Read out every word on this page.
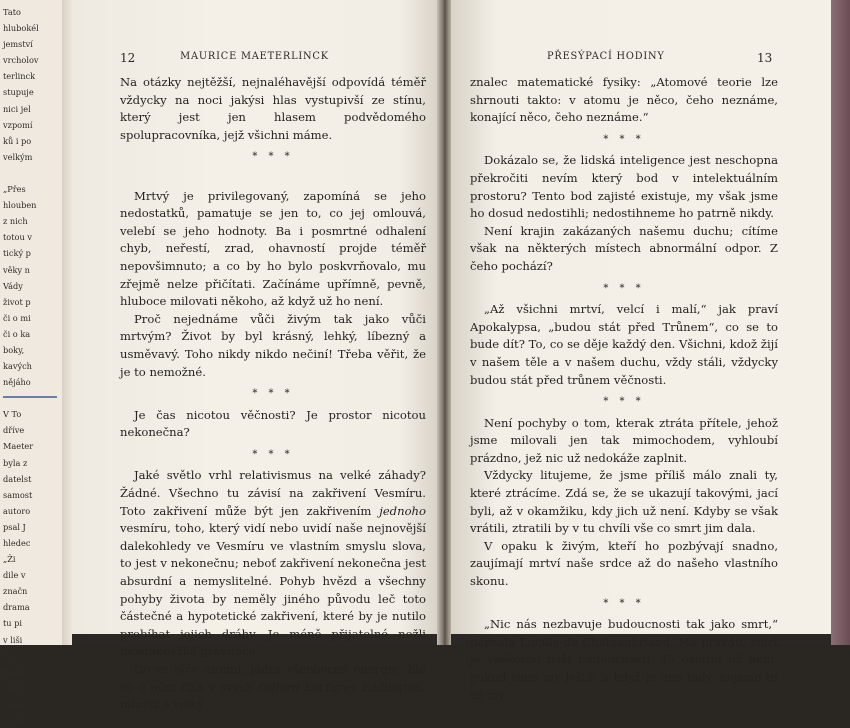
Tato
hlubokél
jemství
vrcholov
terlinck
stupuje
nici jel
vzpomí
ků i po
velkým

„Přes
hlouben
z nich
totou v
tický p
věky n
Vády
život p
či o mi
či o ka
boky,
kavých
nějáho
V To
dříve
Maeter
byla z
datelst
samost
autoro
psal J
hledec
„Ži
dile v
značn
drama
tu pi
v liši
V a
Rašín
Snižer
zaná
pisem
12	MAURICE MAETERLINCK

Na otázky nejtěžší, nejnaléhavější odpovídá téměř vždycky na noci jakýsi hlas vystupivší ze stínu, který jest jen hlasem podvědomého spolupracovníka, jejž všichni máme.

* * *

Mrtvý je privilegovaný, zapomíná se jeho nedostatků, pamatuje se jen to, co jej omlouvá, velebí se jeho hodnoty. Ba i posmrtné odhalení chyb, neřestí, zrad, ohavností projde téměř nepovšimnuto; a co by ho bylo poskvrňovalo, mu zřejmě nelze přičítati. Začínáme upřímně, pevně, hluboce milovati někoho, až když už ho není.

Proč nejednáme vůči živým tak jako vůči mrtvým? Život by byl krásný, lehký, líbezný a usměvavý. Toho nikdy nikdo nečiní! Třeba věřit, že je to nemožné.

* * *

Je čas nicotou věčnosti? Je prostor nicotou nekonečna?

* * *

Jaké světlo vrhl relativismus na velké záhady? Žádné. Všechno tu závisí na zakřivení Vesmíru. Toto zakřivení může být jen zakřivením jednoho vesmíru, toho, který vidí nebo uvidí naše nejnovější dalekohledy ve Vesmíru ve vlastním smyslu slova, to jest v nekonečnu; neboť zakřivení nekonečna jest absurdní a nemyslitelné. Pohyb hvězd a všechny pohyby života by neměly jiného původu leč toto částečné a hypotetické zakřivení, které by je nutilo probíhat jejich dráhy. Je méně přijatelné nežli newtonovská gravitace.

Co se týče atomu, jádra všeobecné energie, hle co o něm říká v svých Gifford Lectures Eddington, mluvčí a velký

PŘESÝPACÍ HODINY	13

znalec matematické fysiky: „Atomové teorie lze shrnouti takto: v atomu je něco, čeho neznáme, konající něco, čeho neznáme.“

* * *

Dokázalo se, že lidská inteligence jest neschopna překročiti nevím který bod v intelektuálním prostoru? Tento bod zajisté existuje, my však jsme ho dosud nedostihli; nedostihneme ho patrně nikdy.

Není krajin zakázaných našemu duchu; cítíme však na některých místech abnormální odpor. Z čeho pochází?

* * *

„Až všichni mrtví, velcí i malí,“ jak praví Apokalypsa, „budou stát před Trůnem“, co se to bude dít? To, co se děje každý den. Všichni, kdož žijí v našem těle a v našem duchu, vždy stáli, vždycky budou stát před trůnem věčnosti.

* * *

Není pochyby o tom, kterak ztráta přítele, jehož jsme milovali jen tak mimochodem, vyhloubí prázdno, jež nic už nedokáže zaplnit.

Vždycky litujeme, že jsme příliš málo znali ty, které ztrácíme. Zdá se, že se ukazují takovými, jací byli, až v okamžiku, kdy jich už není. Kdyby se však vrátili, ztratili by v tu chvíli vše co smrt jim dala.

V opaku k živým, kteří ho pozbývají snadno, zaujímají mrtví naše srdce až do našeho vlastního skonu.

* * *

„Nic nás nezbavuje budoucnosti tak jako smrt,“ napsala Lucille de Chateaubriand. Má pravdu; smrt je veškerou naší budoucností. To ostatní už není, pokud jsme my ještě; a když je ona tady, nejsme tu už my.
